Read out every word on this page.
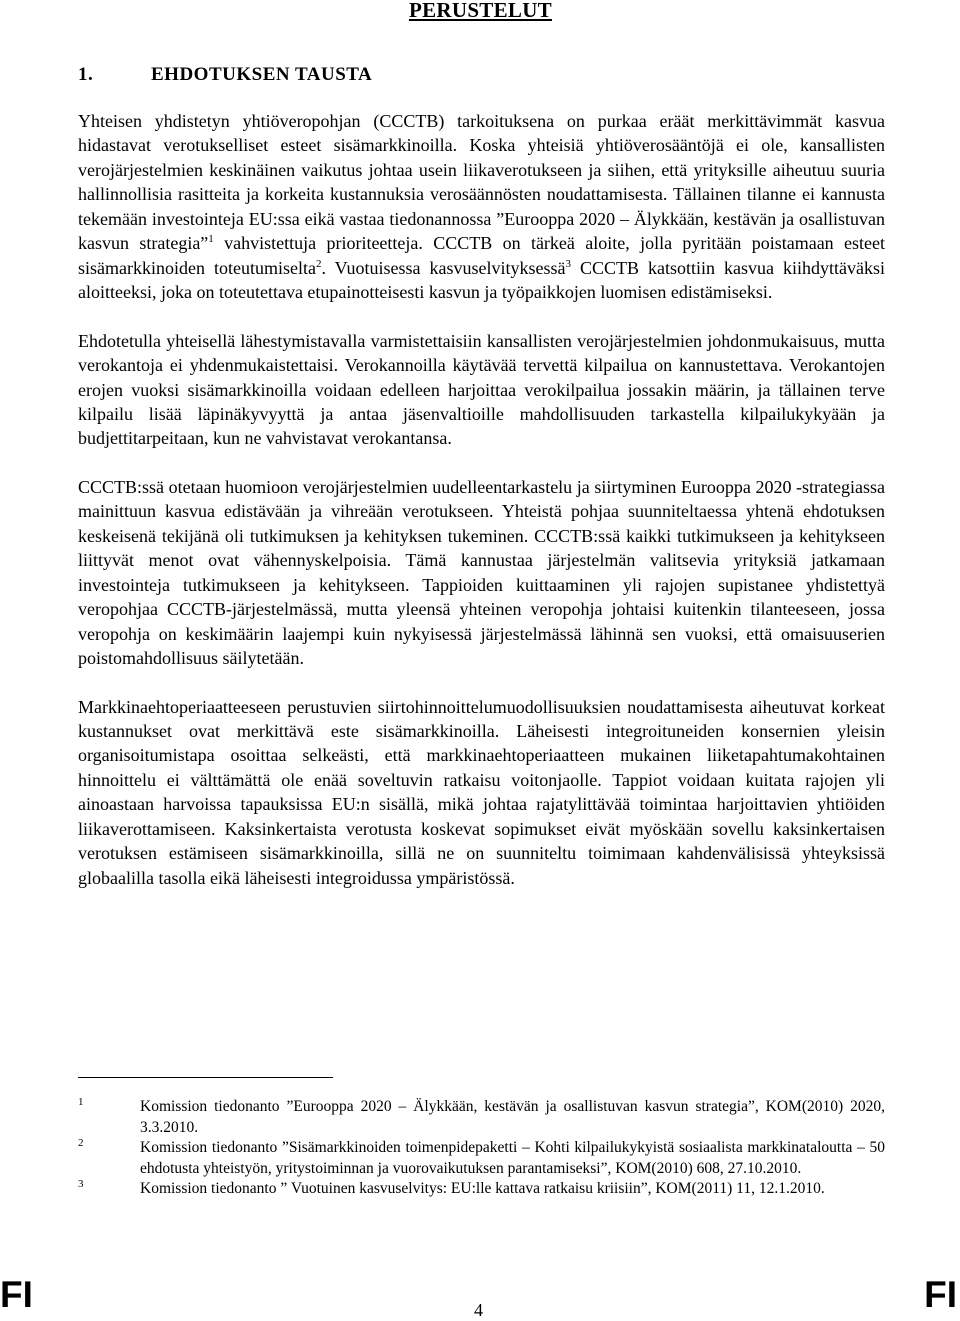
PERUSTELUT
1.	EHDOTUKSEN TAUSTA

Yhteisen yhdistetyn yhtiöveropohjan (CCCTB) tarkoituksena on purkaa eräät merkittävimmät kasvua hidastavat verotukselliset esteet sisämarkkinoilla. Koska yhteisiä yhtiöverosääntöjä ei ole, kansallisten verojärjestelmien keskinäinen vaikutus johtaa usein liikaverotukseen ja siihen, että yrityksille aiheutuu suuria hallinnollisia rasitteita ja korkeita kustannuksia verosäännösten noudattamisesta. Tällainen tilanne ei kannusta tekemään investointeja EU:ssa eikä vastaa tiedonannossa ”Eurooppa 2020 – Älykkään, kestävän ja osallistuvan kasvun strategia”$^1$ vahvistettuja prioriteetteja. CCCTB on tärkeä aloite, jolla pyritään poistamaan esteet sisämarkkinoiden toteutumiselta$^2$. Vuotuisessa kasvuselvityksessä$^3$ CCCTB katsottiin kasvua kiihdyttäväksi aloitteeksi, joka on toteutettava etupainotteisesti kasvun ja työpaikkojen luomisen edistämiseksi.

Ehdotetulla yhteisellä lähestymistavalla varmistettaisiin kansallisten verojärjestelmien johdonmukaisuus, mutta verokantoja ei yhdenmukaistettaisi. Verokannoilla käytävää tervettä kilpailua on kannustettava. Verokantojen erojen vuoksi sisämarkkinoilla voidaan edelleen harjoittaa verokilpailua jossakin määrin, ja tällainen terve kilpailu lisää läpinäkyvyyttä ja antaa jäsenvaltioille mahdollisuuden tarkastella kilpailukykyään ja budjettitarpeitaan, kun ne vahvistavat verokantansa.

CCCTB:ssä otetaan huomioon verojärjestelmien uudelleentarkastelu ja siirtyminen Eurooppa 2020 -strategiassa mainittuun kasvua edistävään ja vihreään verotukseen. Yhteistä pohjaa suunniteltaessa yhtenä ehdotuksen keskeisenä tekijänä oli tutkimuksen ja kehityksen tukeminen. CCCTB:ssä kaikki tutkimukseen ja kehitykseen liittyvät menot ovat vähennyskelpoisia. Tämä kannustaa järjestelmän valitsevia yrityksiä jatkamaan investointeja tutkimukseen ja kehitykseen. Tappioiden kuittaaminen yli rajojen supistanee yhdistettyä veropohjaa CCCTB-järjestelmässä, mutta yleensä yhteinen veropohja johtaisi kuitenkin tilanteeseen, jossa veropohja on keskimäärin laajempi kuin nykyisessä järjestelmässä lähinnä sen vuoksi, että omaisuuserien poistomahdollisuus säilytetään.

Markkinaehtoperiaatteeseen perustuvien siirtohinnoittelumuodollisuuksien noudattamisesta aiheutuvat korkeat kustannukset ovat merkittävä este sisämarkkinoilla. Läheisesti integroituneiden konsernien yleisin organisoitumistapa osoittaa selkeästi, että markkinaehtoperiaatteen mukainen liiketapahtumakohtainen hinnoittelu ei välttämättä ole enää soveltuvin ratkaisu voitonjaolle. Tappiot voidaan kuitata rajojen yli ainoastaan harvoissa tapauksissa EU:n sisällä, mikä johtaa rajatylittävää toimintaa harjoittavien yhtiöiden liikaverottamiseen. Kaksinkertaista verotusta koskevat sopimukset eivät myöskään sovellu kaksinkertaisen verotuksen estämiseen sisämarkkinoilla, sillä ne on suunniteltu toimimaan kahdenvälisissä yhteyksissä globaalilla tasolla eikä läheisesti integroidussa ympäristössä.

1	Komission tiedonanto ”Eurooppa 2020 – Älykkään, kestävän ja osallistuvan kasvun strategia”, KOM(2010) 2020, 3.3.2010.
2	Komission tiedonanto ”Sisämarkkinoiden toimenpidepaketti – Kohti kilpailukykyistä sosiaalista markkinataloutta – 50 ehdotusta yhteistyön, yritystoiminnan ja vuorovaikutuksen parantamiseksi”, KOM(2010) 608, 27.10.2010.
3	Komission tiedonanto ” Vuotuinen kasvuselvitys: EU:lle kattava ratkaisu kriisiin”, KOM(2011) 11, 12.1.2010.
FI	4	FI
